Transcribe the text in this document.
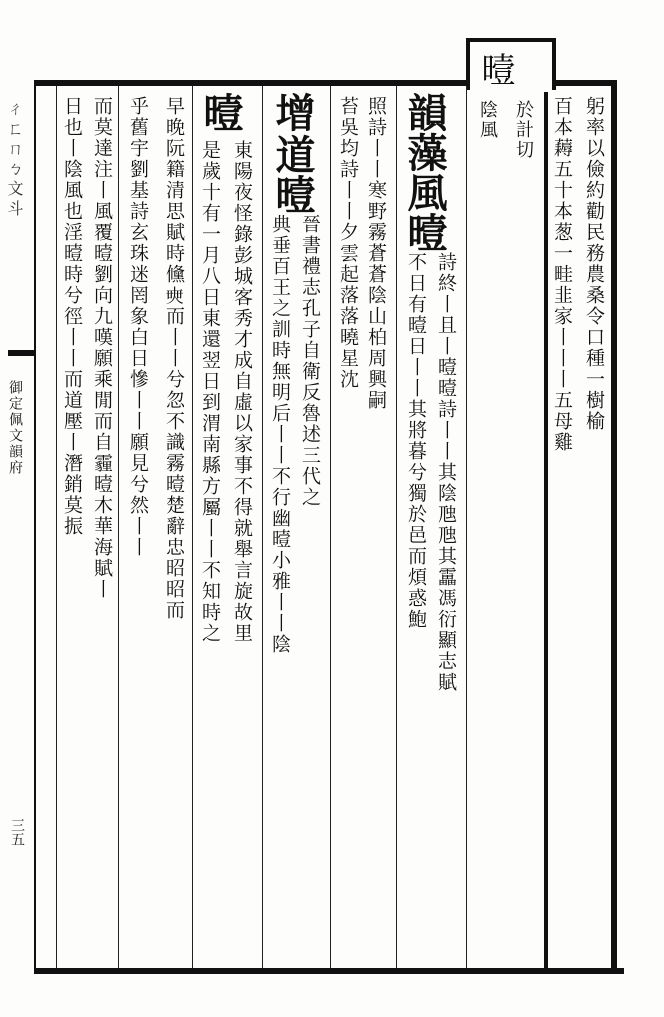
曀
於計切
陰風	躬率以儉約勸民務農桑令口種一樹榆
百本𧂭五十本葱一畦韭家丨丨丨五母雞
韻藻
風曀
詩終丨且丨曀曀詩丨丨其陰虺虺其靁馮衍顯志賦
不日有曀日丨丨其將暮兮獨於邑而煩惑鮑
照詩丨丨寒野霧蒼蒼陰山柏周興嗣
苔吳均詩丨丨夕雲起落落曉星沈
增
道曀
晉書禮志孔子自衛反魯述三代之
典垂百王之訓時無明后丨丨不行幽曀小雅丨丨陰
曀
東陽夜怪錄彭城客秀才成自虛以家事不得就舉言旋故里
是歲十有一月八日東還翌日到渭南縣方屬丨丨不知時之
早晚阮籍清思賦時儵𡘲而丨丨兮忽不識霧曀楚辭忠昭昭而
乎舊宇劉基詩玄珠迷罔象白日慘丨丨願見兮然丨丨
而莫達注丨風覆曀劉向九嘆願乘閒而自霾曀木華海賦丨
日也丨陰風也淫曀時兮徑丨丨而道壓丨潛銷莫振
ㄔㄈㄇㄅ文斗
御定佩文韻府
三五
